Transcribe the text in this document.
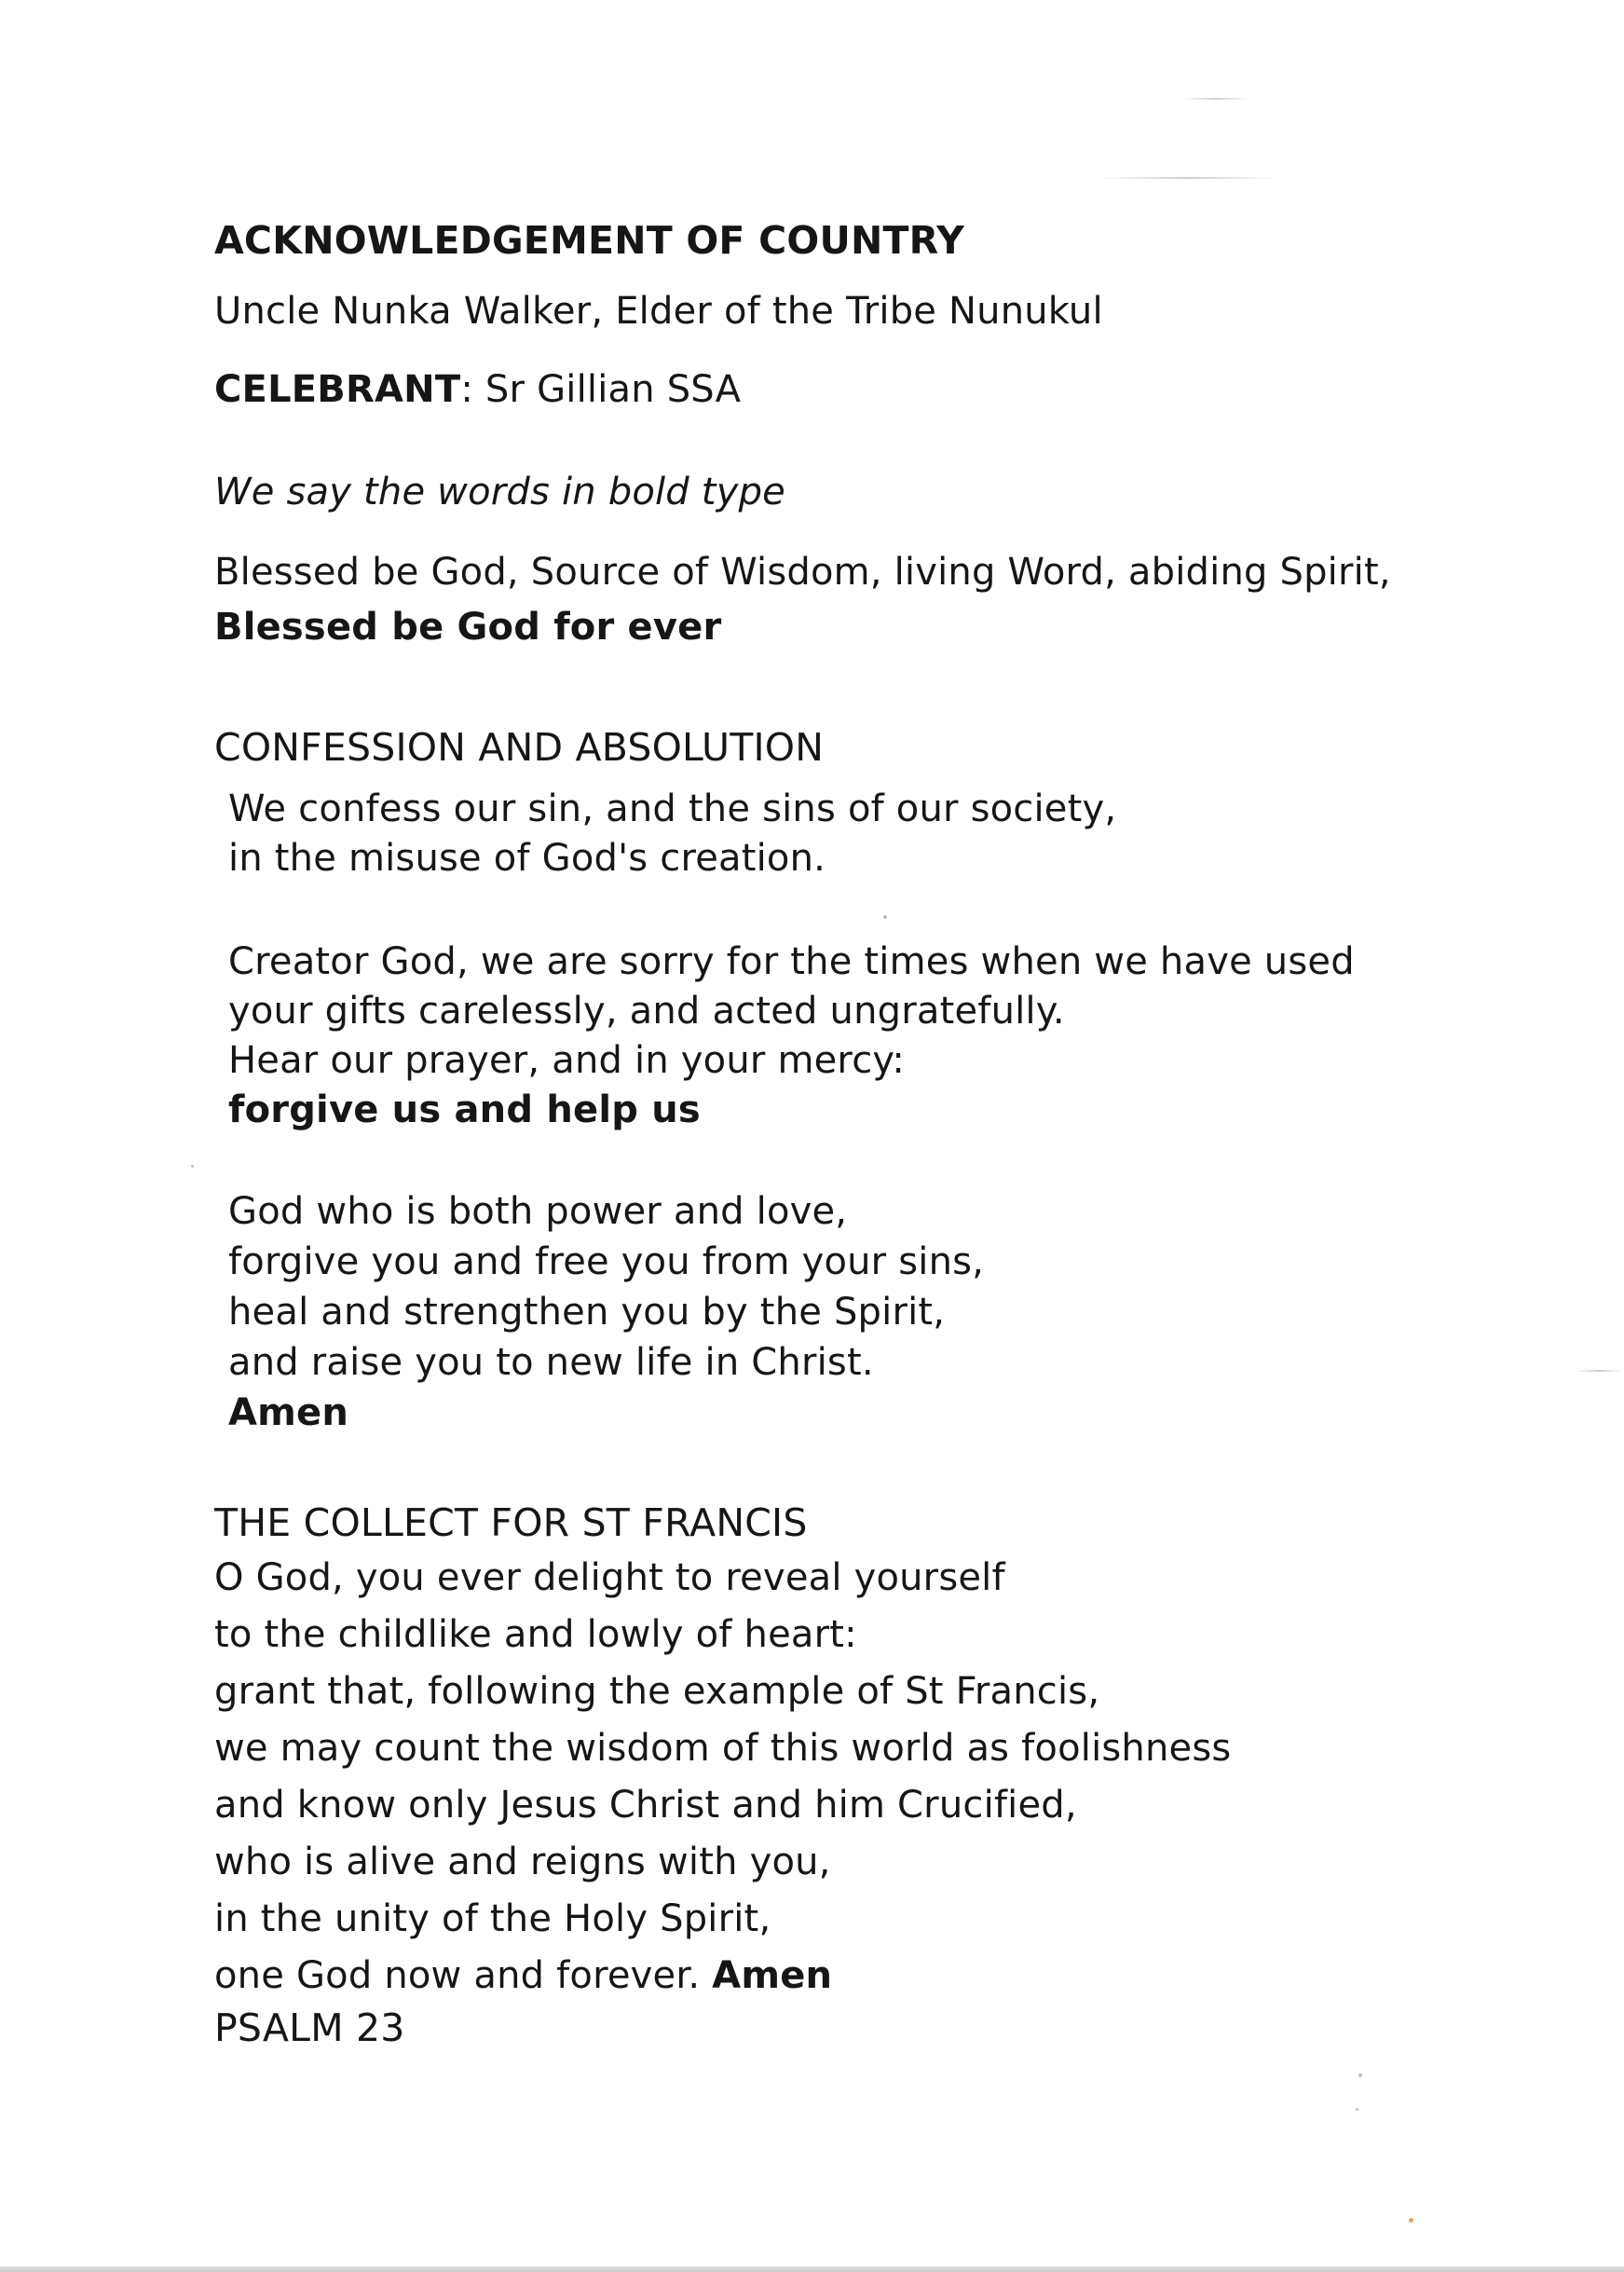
ACKNOWLEDGEMENT OF COUNTRY
Uncle Nunka Walker, Elder of the Tribe Nunukul
CELEBRANT: Sr Gillian SSA
We say the words in bold type
Blessed be God, Source of Wisdom, living Word, abiding Spirit,
Blessed be God for ever
CONFESSION AND ABSOLUTION
We confess our sin, and the sins of our society,
in the misuse of God's creation.
Creator God, we are sorry for the times when we have used
your gifts carelessly, and acted ungratefully.
Hear our prayer, and in your mercy:
forgive us and help us
God who is both power and love,
forgive you and free you from your sins,
heal and strengthen you by the Spirit,
and raise you to new life in Christ.
Amen
THE COLLECT FOR ST FRANCIS
O God, you ever delight to reveal yourself
to the childlike and lowly of heart:
grant that, following the example of St Francis,
we may count the wisdom of this world as foolishness
and know only Jesus Christ and him Crucified,
who is alive and reigns with you,
in the unity of the Holy Spirit,
one God now and forever. Amen
PSALM 23
